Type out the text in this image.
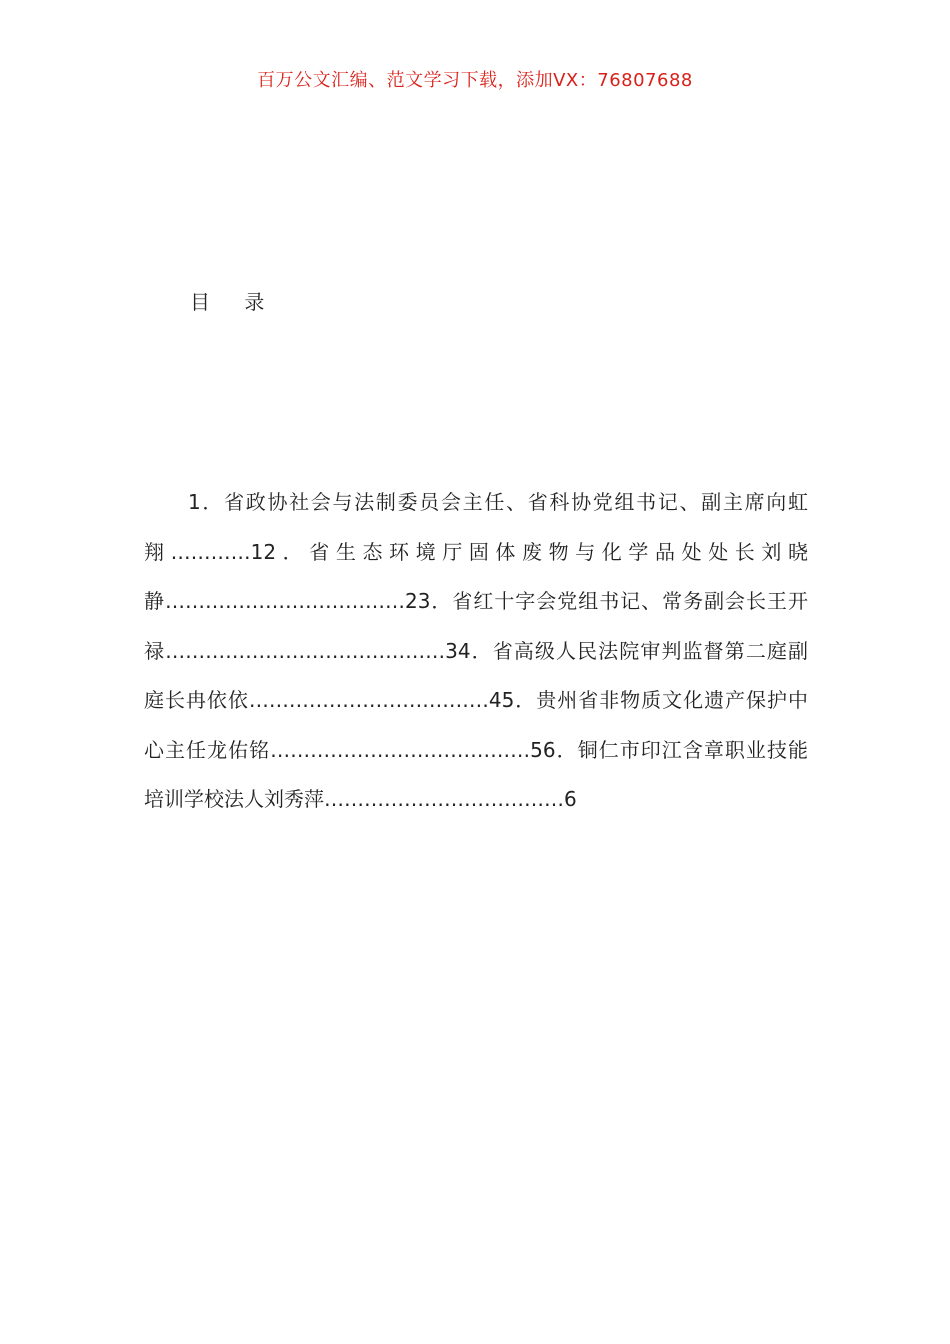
百万公文汇编、范文学习下载，添加VX：76807688
目 录
1．省政协社会与法制委员会主任、省科协党组书记、副主席向虹翔…………12．省生态环境厅固体废物与化学品处处长刘晓静………………………………23．省红十字会党组书记、常务副会长王开禄……………………………………34．省高级人民法院审判监督第二庭副庭长冉依依………………………………45．贵州省非物质文化遗产保护中心主任龙佑铭…………………………………56．铜仁市印江含章职业技能培训学校法人刘秀萍………………………………6
